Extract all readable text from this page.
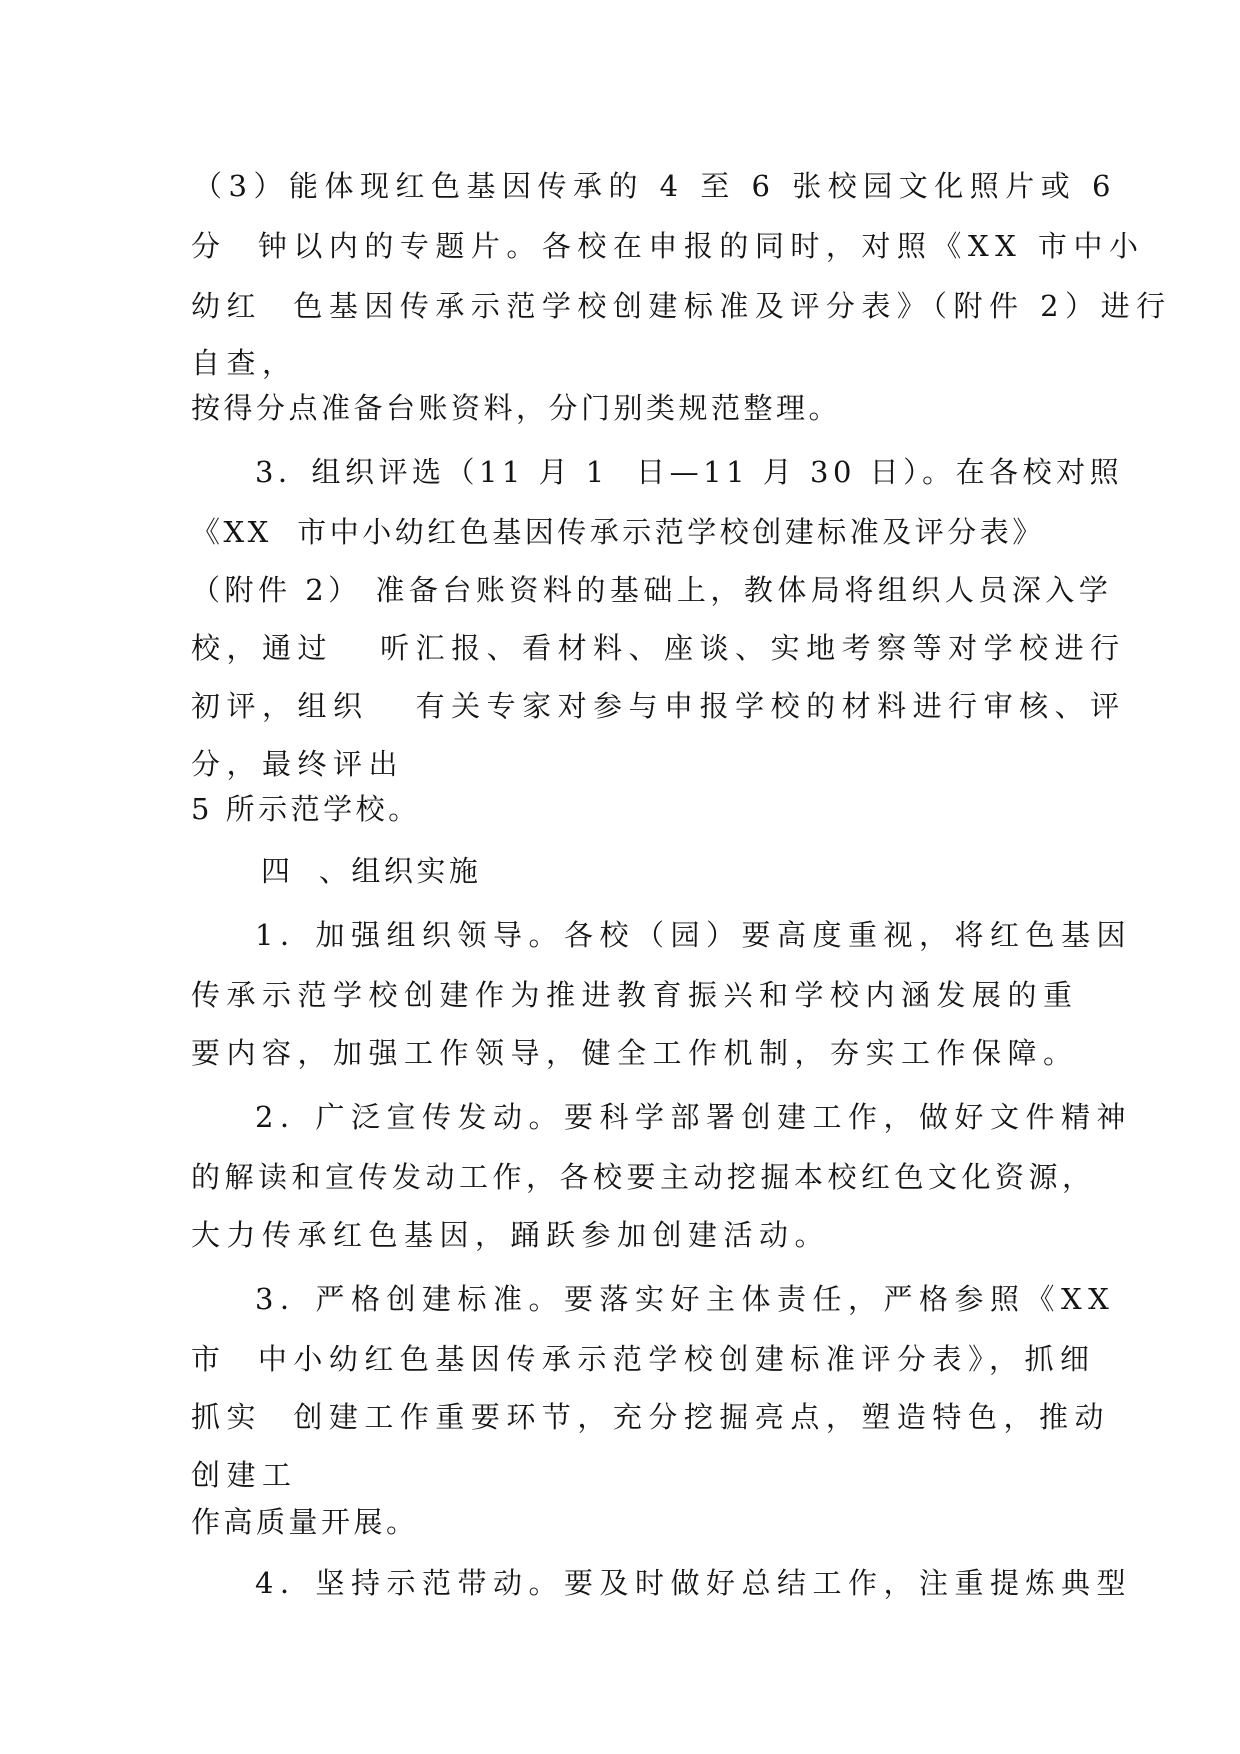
（3）能体现红色基因传承的 4 至 6 张校园文化照片或 6
分  钟以内的专题片。各校在申报的同时，对照《XX 市中小
幼红  色基因传承示范学校创建标准及评分表》（附件 2）进行
自查，
按得分点准备台账资料，分门别类规范整理。
3．组织评选（11 月 1  日—11 月 30 日）。在各校对照
《XX  市中小幼红色基因传承示范学校创建标准及评分表》
（附件 2） 准备台账资料的基础上，教体局将组织人员深入学
校，通过   听汇报、看材料、座谈、实地考察等对学校进行
初评，组织   有关专家对参与申报学校的材料进行审核、评
分，最终评出
5 所示范学校。
四  、组织实施
1．加强组织领导。各校（园）要高度重视，将红色基因
传承示范学校创建作为推进教育振兴和学校内涵发展的重
要内容，加强工作领导，健全工作机制，夯实工作保障。
2．广泛宣传发动。要科学部署创建工作，做好文件精神
的解读和宣传发动工作，各校要主动挖掘本校红色文化资源，
大力传承红色基因，踊跃参加创建活动。
3．严格创建标准。要落实好主体责任，严格参照《XX
市  中小幼红色基因传承示范学校创建标准评分表》，抓细
抓实  创建工作重要环节，充分挖掘亮点，塑造特色，推动
创建工
作高质量开展。
4．坚持示范带动。要及时做好总结工作，注重提炼典型
